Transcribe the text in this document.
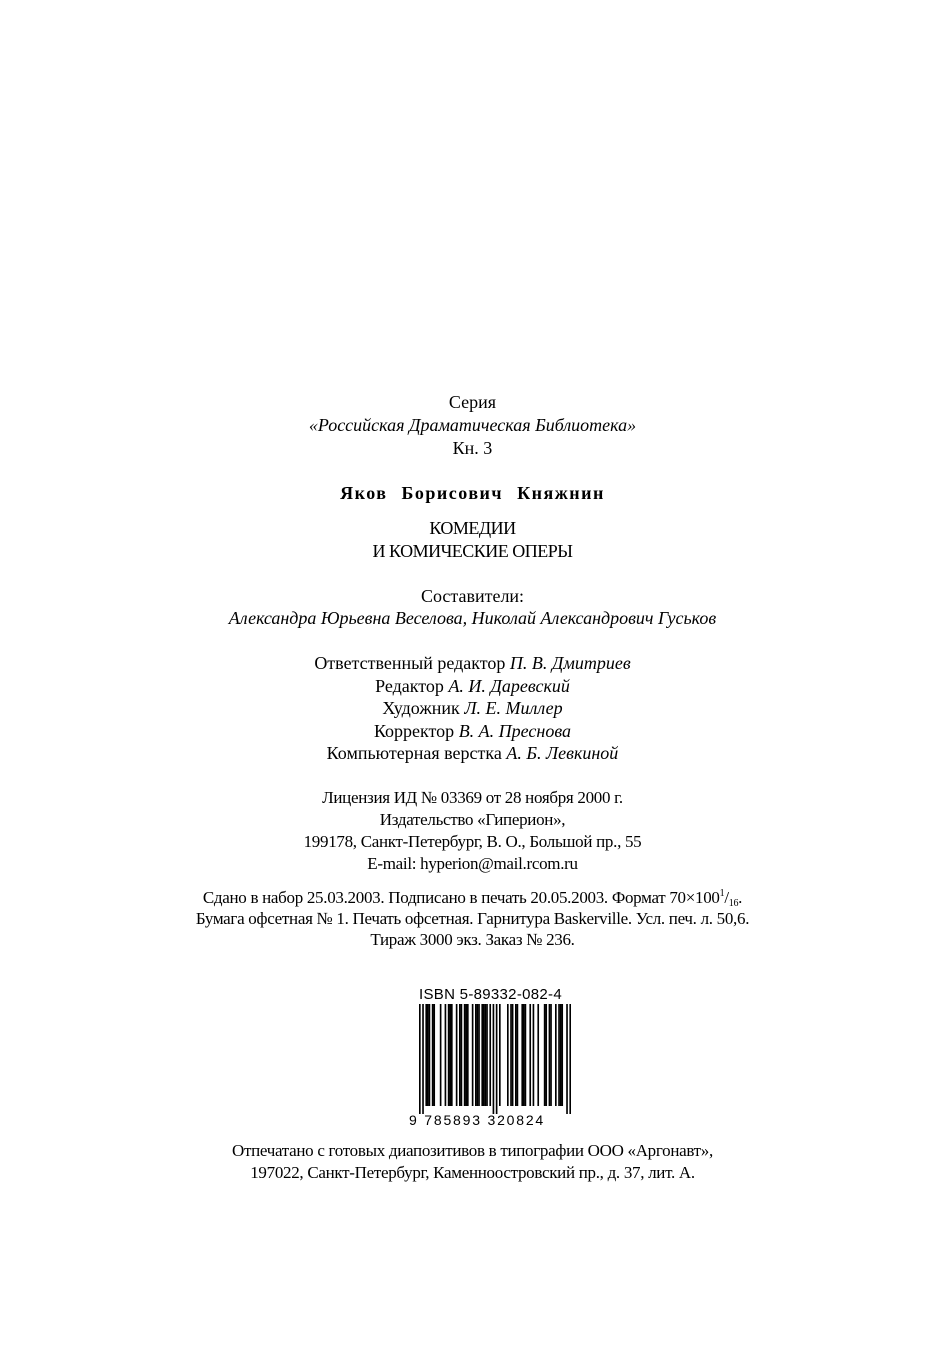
Серия
«Российская Драматическая Библиотека»
Кн. 3
Яков Борисович Княжнин
КОМЕДИИ
И КОМИЧЕСКИЕ ОПЕРЫ
Составители:
Александра Юрьевна Веселова, Николай Александрович Гуськов
Ответственный редактор П. В. Дмитриев
Редактор А. И. Даревский
Художник Л. Е. Миллер
Корректор В. А. Преснова
Компьютерная верстка А. Б. Левкиной
Лицензия ИД № 03369 от 28 ноября 2000 г.
Издательство «Гиперион»,
199178, Санкт-Петербург, В. О., Большой пр., 55
E-mail: hyperion@mail.rcom.ru
Сдано в набор 25.03.2003. Подписано в печать 20.05.2003. Формат $70\times 100^1/_{16}$.
Бумага офсетная № 1. Печать офсетная. Гарнитура Baskerville. Усл. печ. л. 50,6.
Тираж 3000 экз. Заказ № 236.
ISBN 5-89332-082-4
9 785893 320824
Отпечатано с готовых диапозитивов в типографии ООО «Аргонавт»,
197022, Санкт-Петербург, Каменноостровский пр., д. 37, лит. А.
